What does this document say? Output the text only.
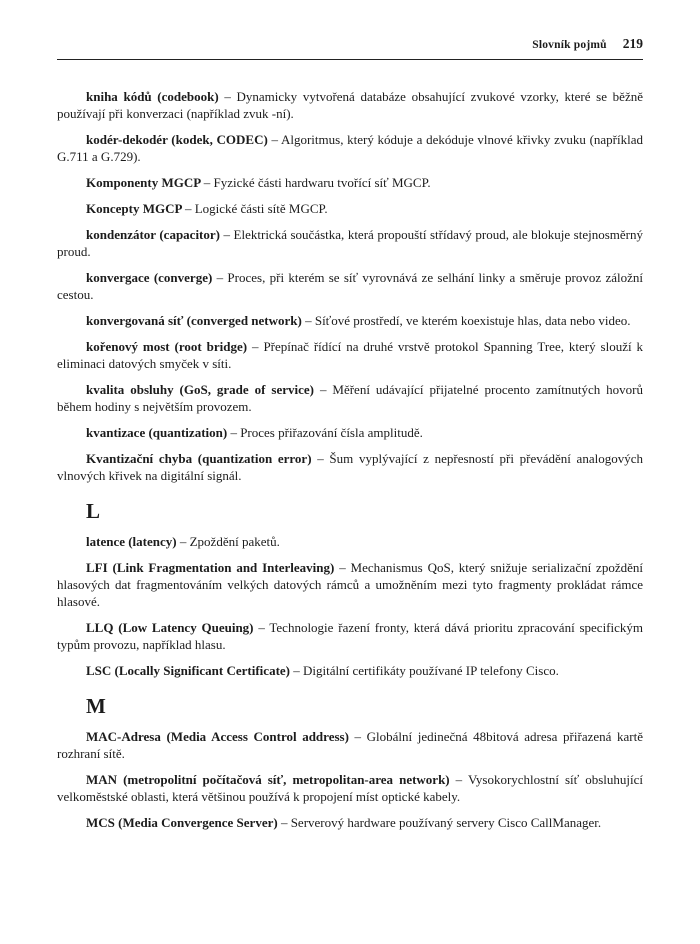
Slovník pojmů 219

kniha kódů (codebook) – Dynamicky vytvořená databáze obsahující zvukové vzorky, které se běžně používají při konverzaci (například zvuk -ní).

kodér-dekodér (kodek, CODEC) – Algoritmus, který kóduje a dekóduje vlnové křivky zvuku (například G.711 a G.729).

Komponenty MGCP – Fyzické části hardwaru tvořící síť MGCP.

Koncepty MGCP – Logické části sítě MGCP.

kondenzátor (capacitor) – Elektrická součástka, která propouští střídavý proud, ale blokuje stejnosměrný proud.

konvergace (converge) – Proces, při kterém se síť vyrovnává ze selhání linky a směruje provoz záložní cestou.

konvergovaná síť (converged network) – Síťové prostředí, ve kterém koexistuje hlas, data nebo video.

kořenový most (root bridge) – Přepínač řídící na druhé vrstvě protokol Spanning Tree, který slouží k eliminaci datových smyček v síti.

kvalita obsluhy (GoS, grade of service) – Měření udávající přijatelné procento zamítnutých hovorů během hodiny s největším provozem.

kvantizace (quantization) – Proces přiřazování čísla amplitudě.

Kvantizační chyba (quantization error) – Šum vyplývající z nepřesností při převádění analogových vlnových křivek na digitální signál.

L

latence (latency) – Zpoždění paketů.

LFI (Link Fragmentation and Interleaving) – Mechanismus QoS, který snižuje serializační zpoždění hlasových dat fragmentováním velkých datových rámců a umožněním mezi tyto fragmenty prokládat rámce hlasové.

LLQ (Low Latency Queuing) – Technologie řazení fronty, která dává prioritu zpracování specifickým typům provozu, například hlasu.

LSC (Locally Significant Certificate) – Digitální certifikáty používané IP telefony Cisco.

M

MAC-Adresa (Media Access Control address) – Globální jedinečná 48bitová adresa přiřazená kartě rozhraní sítě.

MAN (metropolitní počítačová síť, metropolitan-area network) – Vysokorychlostní síť obsluhující velkoměstské oblasti, která většinou používá k propojení míst optické kabely.

MCS (Media Convergence Server) – Serverový hardware používaný servery Cisco CallManager.
